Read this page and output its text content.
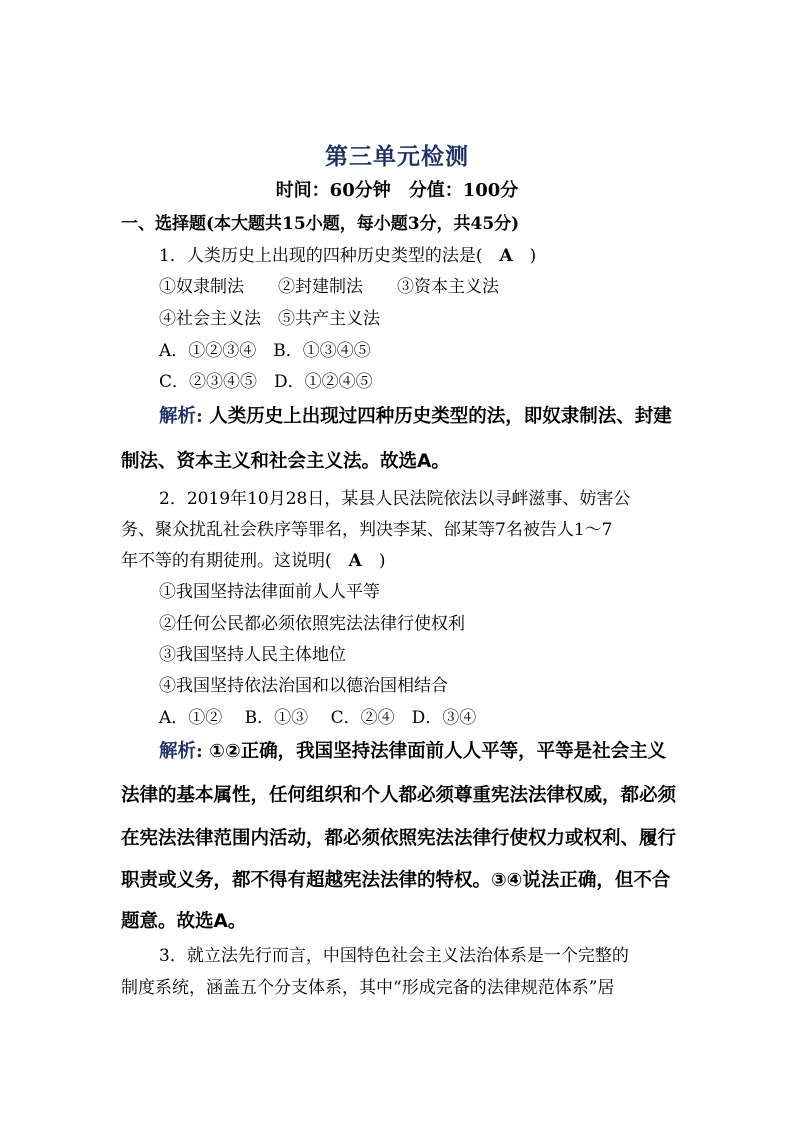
第三单元检测
时间：60分钟　分值：100分
一、选择题(本大题共15小题，每小题3分，共45分)
1．人类历史上出现的四种历史类型的法是(　A　)
①奴隶制法　　②封建制法　　③资本主义法
④社会主义法　⑤共产主义法
A．①②③④　B．①③④⑤
C．②③④⑤　D．①②④⑤
解析: 人类历史上出现过四种历史类型的法，即奴隶制法、封建
制法、资本主义和社会主义法。故选A。
2．2019年10月28日，某县人民法院依法以寻衅滋事、妨害公
务、聚众扰乱社会秩序等罪名，判决李某、邰某等7名被告人1～7
年不等的有期徒刑。这说明(　A　)
①我国坚持法律面前人人平等
②任何公民都必须依照宪法法律行使权利
③我国坚持人民主体地位
④我国坚持依法治国和以德治国相结合
A．①②　 B．①③　 C．②④　D．③④
解析: ①②正确，我国坚持法律面前人人平等，平等是社会主义
法律的基本属性，任何组织和个人都必须尊重宪法法律权威，都必须
在宪法法律范围内活动，都必须依照宪法法律行使权力或权利、履行
职责或义务，都不得有超越宪法法律的特权。③④说法正确，但不合
题意。故选A。
3．就立法先行而言，中国特色社会主义法治体系是一个完整的
制度系统，涵盖五个分支体系，其中“形成完备的法律规范体系”居
